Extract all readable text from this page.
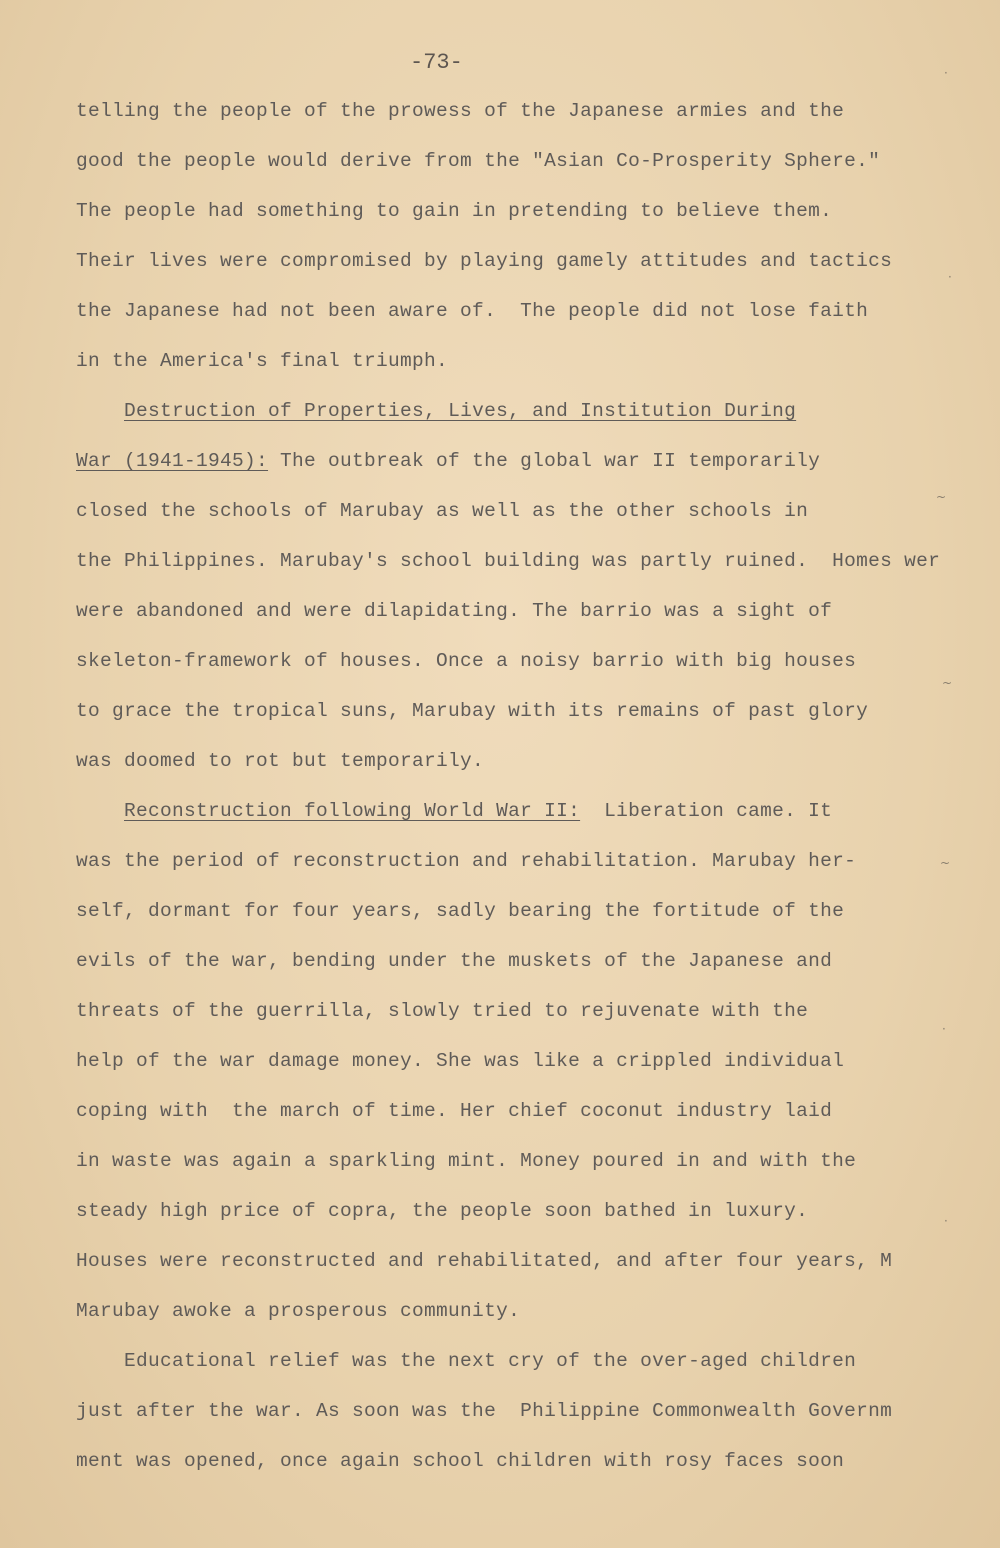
-73-
telling the people of the prowess of the Japanese armies and the
good the people would derive from the "Asian Co-Prosperity Sphere."
The people had something to gain in pretending to believe them.
Their lives were compromised by playing gamely attitudes and tactics
the Japanese had not been aware of.  The people did not lose faith
in the America's final triumph.
Destruction of Properties, Lives, and Institution During
War (1941-1945): The outbreak of the global war II temporarily
closed the schools of Marubay as well as the other schools in
the Philippines. Marubay's school building was partly ruined.  Homes wer
were abandoned and were dilapidating. The barrio was a sight of
skeleton-framework of houses. Once a noisy barrio with big houses
to grace the tropical suns, Marubay with its remains of past glory
was doomed to rot but temporarily.
Reconstruction following World War II:  Liberation came. It
was the period of reconstruction and rehabilitation. Marubay her-
self, dormant for four years, sadly bearing the fortitude of the
evils of the war, bending under the muskets of the Japanese and
threats of the guerrilla, slowly tried to rejuvenate with the
help of the war damage money. She was like a crippled individual
coping with  the march of time. Her chief coconut industry laid
in waste was again a sparkling mint. Money poured in and with the
steady high price of copra, the people soon bathed in luxury.
Houses were reconstructed and rehabilitated, and after four years, M
Marubay awoke a prosperous community.
Educational relief was the next cry of the over-aged children
just after the war. As soon was the  Philippine Commonwealth Governm
ment was opened, once again school children with rosy faces soon
·
·
~
~
~
·
·
